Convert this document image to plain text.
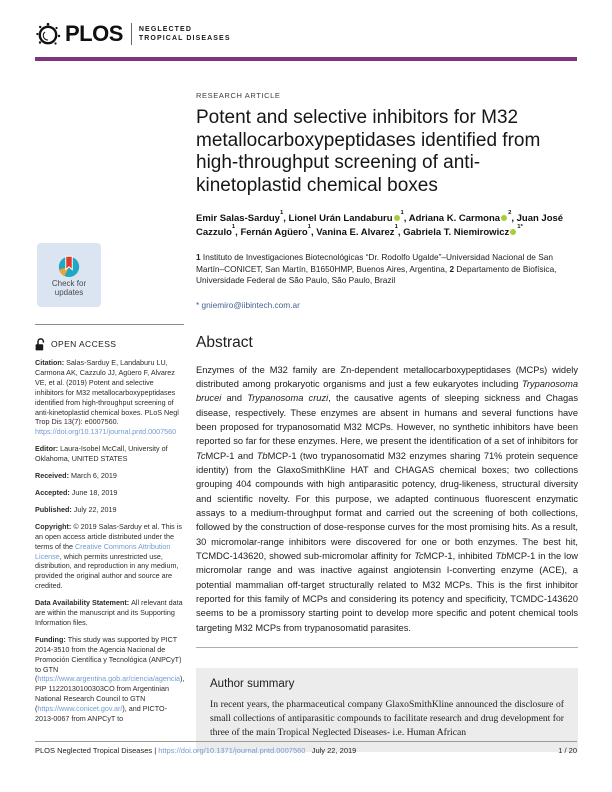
PLOS NEGLECTED
TROPICAL DISEASES
Check for
updates
OPEN ACCESS

Citation: Salas-Sarduy E, Landaburu LU, Carmona AK, Cazzulo JJ, Agüero F, Alvarez VE, et al. (2019) Potent and selective inhibitors for M32 metallocarboxypeptidases identified from high-throughput screening of anti-kinetoplastid chemical boxes. PLoS Negl Trop Dis 13(7): e0007560. https://doi.org/10.1371/journal.pntd.0007560

Editor: Laura-Isobel McCall, University of Oklahoma, UNITED STATES

Received: March 6, 2019

Accepted: June 18, 2019

Published: July 22, 2019

Copyright: © 2019 Salas-Sarduy et al. This is an open access article distributed under the terms of the Creative Commons Attribution License, which permits unrestricted use, distribution, and reproduction in any medium, provided the original author and source are credited.

Data Availability Statement: All relevant data are within the manuscript and its Supporting Information files.

Funding: This study was supported by PICT 2014-3510 from the Agencia Nacional de Promoción Científica y Tecnológica (ANPCyT) to GTN (https://www.argentina.gob.ar/ciencia/agencia), PIP 11220130100303CO from Argentinian National Research Council to GTN (https://www.conicet.gov.ar/), and PICTO-2013-0067 from ANPCyT to

RESEARCH ARTICLE
Potent and selective inhibitors for M32 metallocarboxypeptidases identified from high-throughput screening of anti-kinetoplastid chemical boxes
Emir Salas-Sarduy$^1$, Lionel Urán Landaburu $^1$, Adriana K. Carmona $^2$, Juan José Cazzulo$^1$, Fernán Agüero$^1$, Vanina E. Alvarez$^1$, Gabriela T. Niemirowicz $^{1*}$
1 Instituto de Investigaciones Biotecnológicas “Dr. Rodolfo Ugalde”–Universidad Nacional de San Martín–CONICET, San Martín, B1650HMP, Buenos Aires, Argentina, 2 Departamento de Biofísica, Universidade Federal de São Paulo, São Paulo, Brazil
* gniemiro@iibintech.com.ar
Abstract
Enzymes of the M32 family are Zn-dependent metallocarboxypeptidases (MCPs) widely distributed among prokaryotic organisms and just a few eukaryotes including Trypanosoma brucei and Trypanosoma cruzi, the causative agents of sleeping sickness and Chagas disease, respectively. These enzymes are absent in humans and several functions have been proposed for trypanosomatid M32 MCPs. However, no synthetic inhibitors have been reported so far for these enzymes. Here, we present the identification of a set of inhibitors for TcMCP-1 and TbMCP-1 (two trypanosomatid M32 enzymes sharing 71% protein sequence identity) from the GlaxoSmithKline HAT and CHAGAS chemical boxes; two collections grouping 404 compounds with high antiparasitic potency, drug-likeness, structural diversity and scientific novelty. For this purpose, we adapted continuous fluorescent enzymatic assays to a medium-throughput format and carried out the screening of both collections, followed by the construction of dose-response curves for the most promising hits. As a result, 30 micromolar-range inhibitors were discovered for one or both enzymes. The best hit, TCMDC-143620, showed sub-micromolar affinity for TcMCP-1, inhibited TbMCP-1 in the low micromolar range and was inactive against angiotensin I-converting enzyme (ACE), a potential mammalian off-target structurally related to M32 MCPs. This is the first inhibitor reported for this family of MCPs and considering its potency and specificity, TCMDC-143620 seems to be a promissory starting point to develop more specific and potent chemical tools targeting M32 MCPs from trypanosomatid parasites.
Author summary
In recent years, the pharmaceutical company GlaxoSmithKline announced the disclosure of small collections of antiparasitic compounds to facilitate research and drug development for three of the main Tropical Neglected Diseases- i.e. Human African
PLOS Neglected Tropical Diseases | https://doi.org/10.1371/journal.pntd.0007560   July 22, 2019	1 / 20
